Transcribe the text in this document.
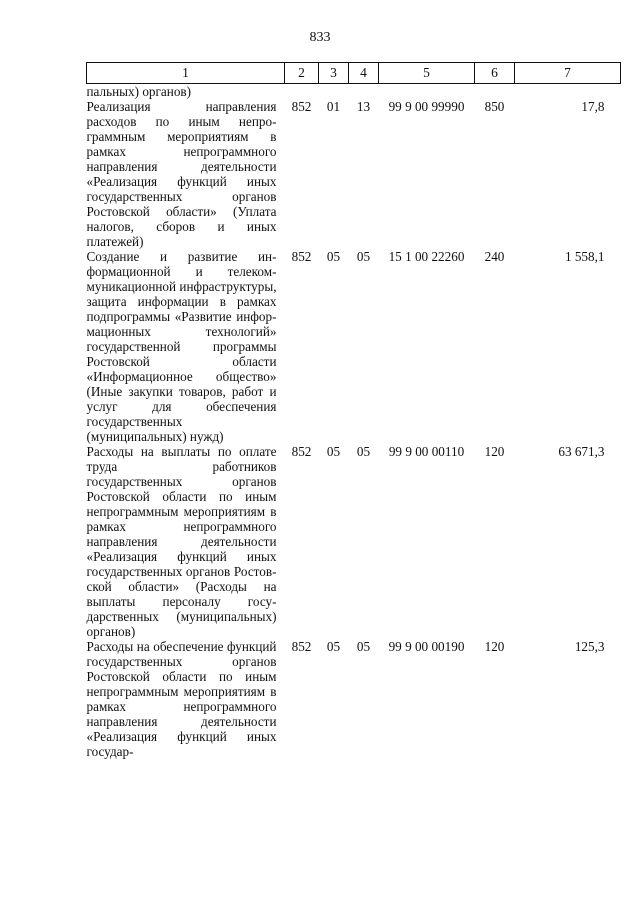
833
1	2	3	4	5	6	7
пальных) органов)						
Реализация направления расходов по иным непрограммным мероприятиям в рамках непрограммного направления деятельности «Реализация функций иных государственных органов Ростовской области» (Уплата налогов, сборов и иных платежей)	852	01	13	99 9 00 99990	850	17,8
Создание и развитие информационной и телекоммуникационной инфраструктуры, защита информации в рамках подпрограммы «Развитие информационных технологий» государственной программы Ростовской области «Информационное общество» (Иные закупки товаров, работ и услуг для обеспечения государственных (муниципальных) нужд)	852	05	05	15 1 00 22260	240	1 558,1
Расходы на выплаты по оплате труда работников государственных органов Ростовской области по иным непрограммным мероприятиям в рамках непрограммного направления деятельности «Реализация функций иных государственных органов Ростовской области» (Расходы на выплаты персоналу государственных (муниципальных) органов)	852	05	05	99 9 00 00110	120	63 671,3
Расходы на обеспечение функций государственных органов Ростовской области по иным непрограммным мероприятиям в рамках непрограммного направления деятельности «Реализация функций иных государ-	852	05	05	99 9 00 00190	120	125,3
